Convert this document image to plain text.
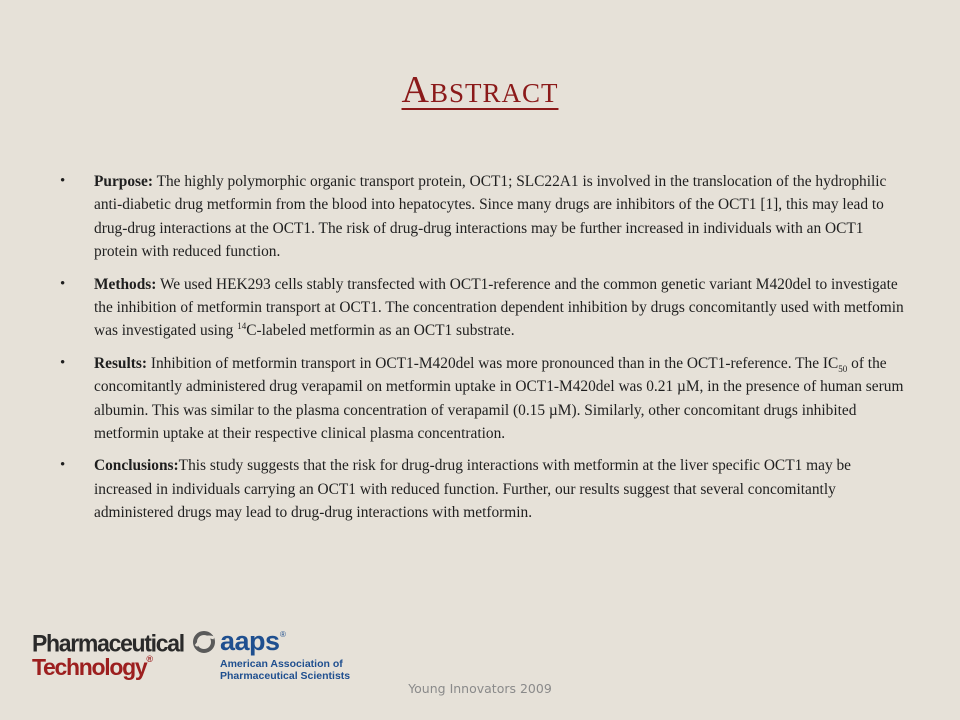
Abstract
• Purpose: The highly polymorphic organic transport protein, OCT1; SLC22A1 is involved in the translocation of the hydrophilic anti-diabetic drug metformin from the blood into hepatocytes. Since many drugs are inhibitors of the OCT1 [1], this may lead to drug-drug interactions at the OCT1. The risk of drug-drug interactions may be further increased in individuals with an OCT1 protein with reduced function.
• Methods: We used HEK293 cells stably transfected with OCT1-reference and the common genetic variant M420del to investigate the inhibition of metformin transport at OCT1. The concentration dependent inhibition by drugs concomitantly used with metfomin was investigated using $^{14}$C-labeled metformin as an OCT1 substrate.
• Results: Inhibition of metformin transport in OCT1-M420del was more pronounced than in the OCT1-reference. The $IC_{50}$ of the concomitantly administered drug verapamil on metformin uptake in OCT1-M420del was 0.21 µM, in the presence of human serum albumin. This was similar to the plasma concentration of verapamil (0.15 µM). Similarly, other concomitant drugs inhibited metformin uptake at their respective clinical plasma concentration.
• Conclusions:This study suggests that the risk for drug-drug interactions with metformin at the liver specific OCT1 may be increased in individuals carrying an OCT1 with reduced function. Further, our results suggest that several concomitantly administered drugs may lead to drug-drug interactions with metformin.
Pharmaceutical
Technology®
aaps ®
American Association of
Pharmaceutical Scientists
Young Innovators 2009
